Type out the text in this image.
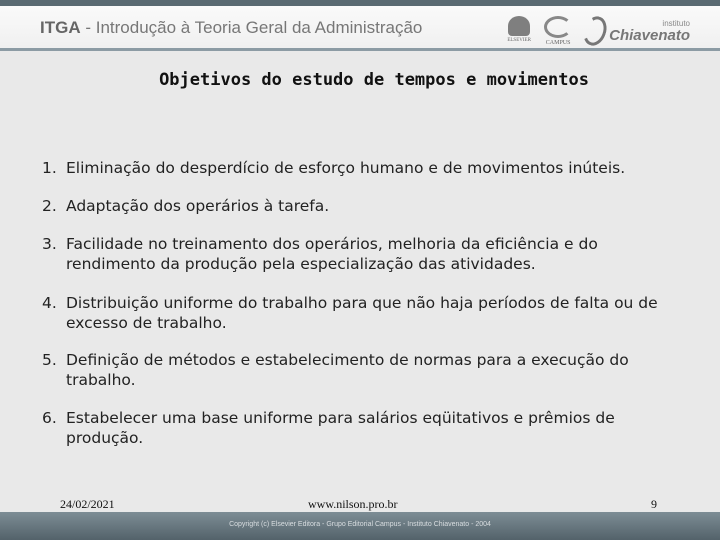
ITGA - Introdução à Teoria Geral da Administração
ELSEVIER CAMPUS
instituto
Chiavenato
Objetivos do estudo de tempos e movimentos
1. Eliminação do desperdício de esforço humano e de movimentos inúteis.
2. Adaptação dos operários à tarefa.
3. Facilidade no treinamento dos operários, melhoria da eficiência e do rendimento da produção pela especialização das atividades.
4. Distribuição uniforme do trabalho para que não haja períodos de falta ou de excesso de trabalho.
5. Definição de métodos e estabelecimento de normas para a execução do trabalho.
6. Estabelecer uma base uniforme para salários eqüitativos e prêmios de produção.
24/02/2021	www.nilson.pro.br	9
Copyright (c) Elsevier Editora - Grupo Editorial Campus - Instituto Chiavenato - 2004
